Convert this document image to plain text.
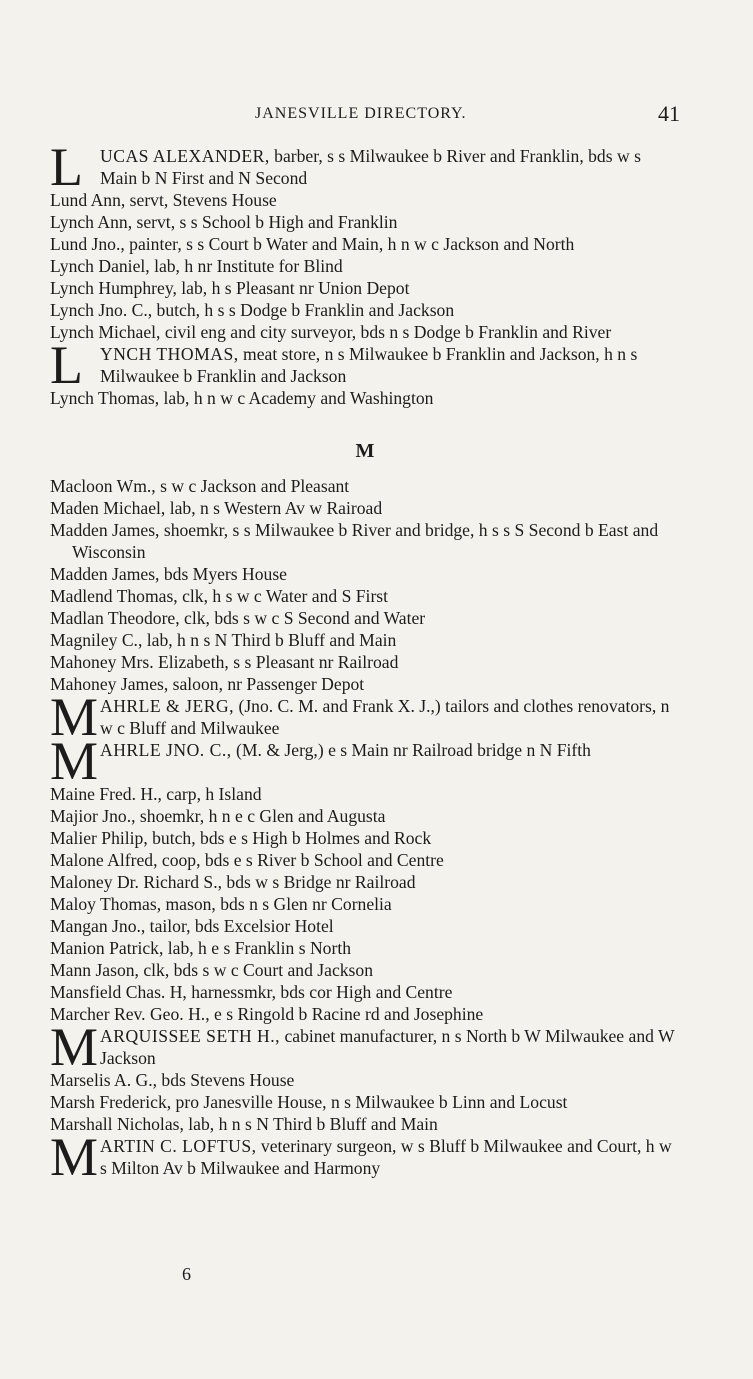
JANESVILLE DIRECTORY.	41
L UCAS ALEXANDER, barber, s s Milwaukee b River and Franklin, bds w s Main b N First and N Second
Lund Ann, servt, Stevens House
Lynch Ann, servt, s s School b High and Franklin
Lund Jno., painter, s s Court b Water and Main, h n w c Jackson and North
Lynch Daniel, lab, h nr Institute for Blind
Lynch Humphrey, lab, h s Pleasant nr Union Depot
Lynch Jno. C., butch, h s s Dodge b Franklin and Jackson
Lynch Michael, civil eng and city surveyor, bds n s Dodge b Franklin and River
L YNCH THOMAS, meat store, n s Milwaukee b Franklin and Jackson, h n s Milwaukee b Franklin and Jackson
Lynch Thomas, lab, h n w c Academy and Washington
M
Macloon Wm., s w c Jackson and Pleasant
Maden Michael, lab, n s Western Av w Rairoad
Madden James, shoemkr, s s Milwaukee b River and bridge, h s s S Second b East and Wisconsin
Madden James, bds Myers House
Madlend Thomas, clk, h s w c Water and S First
Madlan Theodore, clk, bds s w c S Second and Water
Magniley C., lab, h n s N Third b Bluff and Main
Mahoney Mrs. Elizabeth, s s Pleasant nr Railroad
Mahoney James, saloon, nr Passenger Depot
M AHRLE & JERG, (Jno. C. M. and Frank X. J.,) tailors and clothes renovators, n w c Bluff and Milwaukee
M AHRLE JNO. C., (M. & Jerg,) e s Main nr Railroad bridge n N Fifth
Maine Fred. H., carp, h Island
Majior Jno., shoemkr, h n e c Glen and Augusta
Malier Philip, butch, bds e s High b Holmes and Rock
Malone Alfred, coop, bds e s River b School and Centre
Maloney Dr. Richard S., bds w s Bridge nr Railroad
Maloy Thomas, mason, bds n s Glen nr Cornelia
Mangan Jno., tailor, bds Excelsior Hotel
Manion Patrick, lab, h e s Franklin s North
Mann Jason, clk, bds s w c Court and Jackson
Mansfield Chas. H, harnessmkr, bds cor High and Centre
Marcher Rev. Geo. H., e s Ringold b Racine rd and Josephine
M ARQUISSEE SETH H., cabinet manufacturer, n s North b W Milwaukee and W Jackson
Marselis A. G., bds Stevens House
Marsh Frederick, pro Janesville House, n s Milwaukee b Linn and Locust
Marshall Nicholas, lab, h n s N Third b Bluff and Main
M ARTIN C. LOFTUS, veterinary surgeon, w s Bluff b Milwaukee and Court, h w s Milton Av b Milwaukee and Harmony
6
